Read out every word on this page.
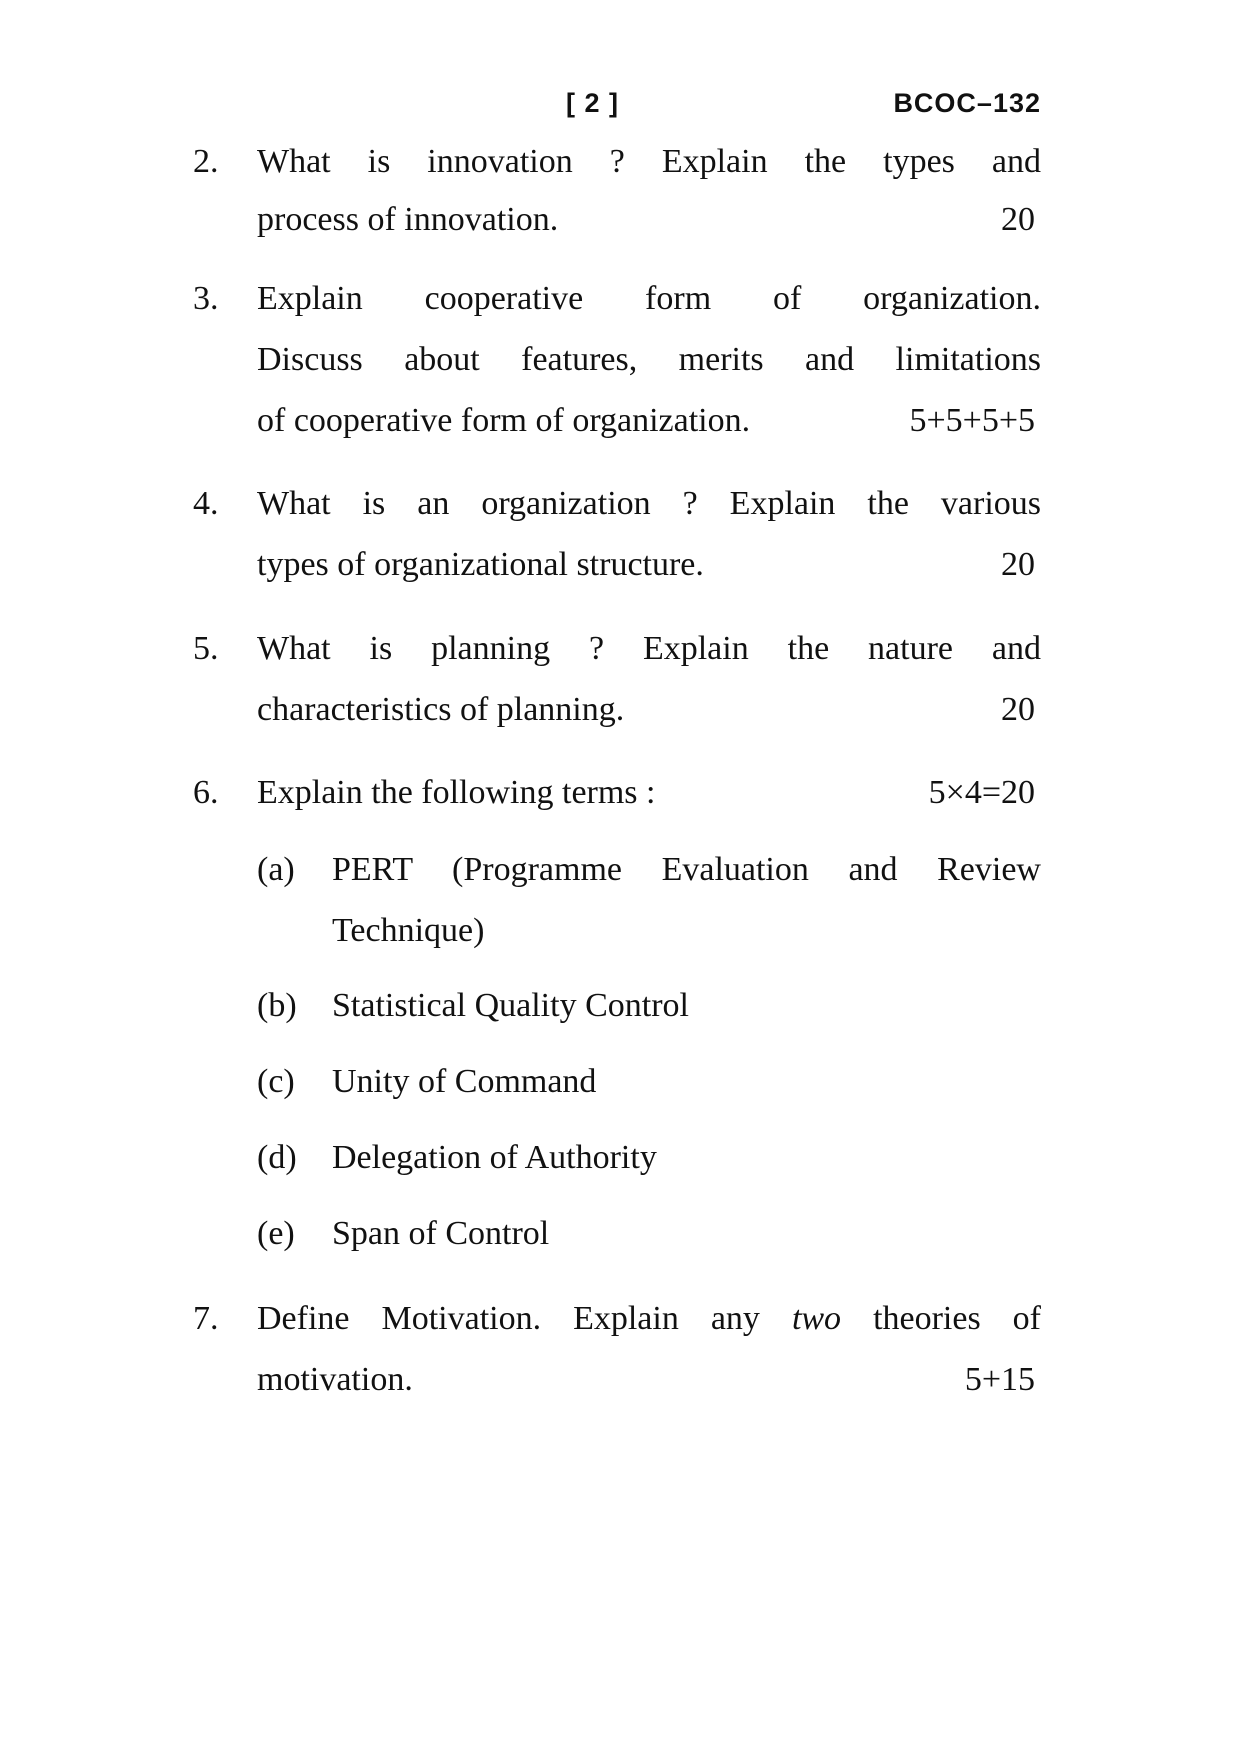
[ 2 ]	BCOC–132
2. What is innovation ? Explain the types and
process of innovation.	20
3. Explain cooperative form of organization.
Discuss about features, merits and limitations
of cooperative form of organization.	5+5+5+5
4. What is an organization ? Explain the various
types of organizational structure.	20
5. What is planning ? Explain the nature and
characteristics of planning.	20
6. Explain the following terms :	5×4=20
(a) PERT (Programme Evaluation and Review
Technique)
(b) Statistical Quality Control
(c) Unity of Command
(d) Delegation of Authority
(e) Span of Control
7. Define Motivation. Explain any two theories of
motivation.	5+15
